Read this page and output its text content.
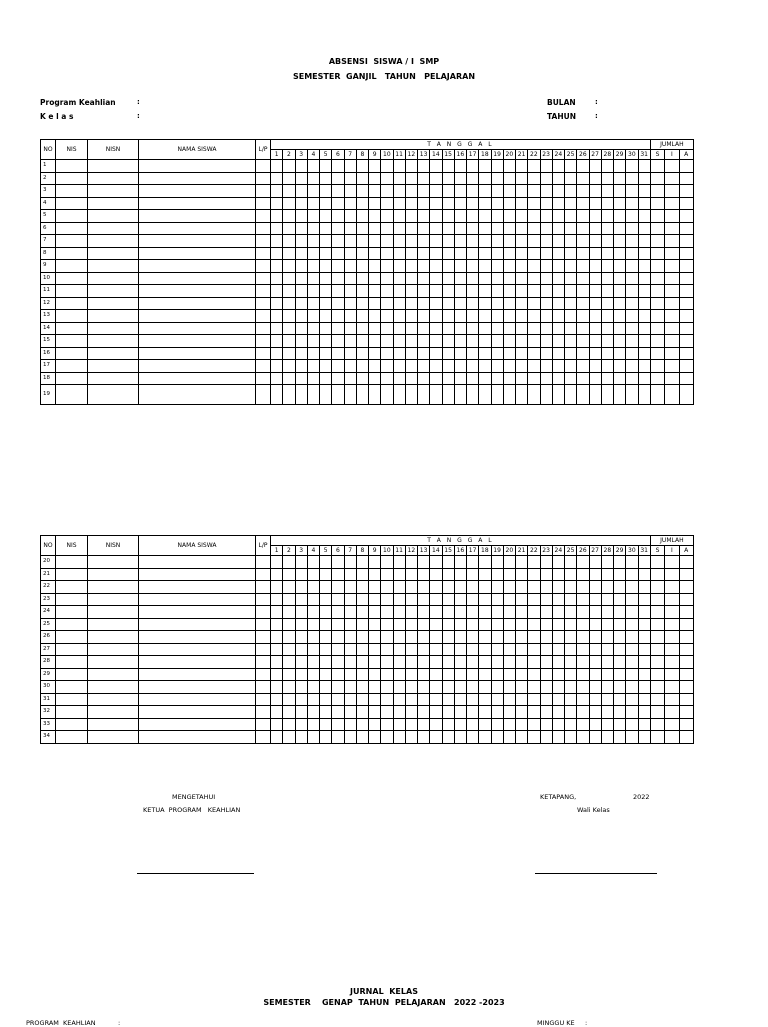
ABSENSI  SISWA / I  SMP
SEMESTER  GANJIL   TAHUN   PELAJARAN
Program Keahlian	:
K e l a s	:
BULAN	:
TAHUN	:
NO	NIS	NISN	NAMA SISWA	L/P	T A N G G A L																															JUMLAH		
					1	2	3	4	5	6	7	8	9	10	11	12	13	14	15	16	17	18	19	20	21	22	23	24	25	26	27	28	29	30	31	S	I	A
1																																						
2																																						
3																																						
4																																						
5																																						
6																																						
7																																						
8																																						
9																																						
10																																						
11																																						
12																																						
13																																						
14																																						
15																																						
16																																						
17																																						
18																																						
19																																						
NO	NIS	NISN	NAMA SISWA	L/P	T A N G G A L																															JUMLAH		
					1	2	3	4	5	6	7	8	9	10	11	12	13	14	15	16	17	18	19	20	21	22	23	24	25	26	27	28	29	30	31	S	I	A
20																																						
21																																						
22																																						
23																																						
24																																						
25																																						
26																																						
27																																						
28																																						
29																																						
30																																						
31																																						
32																																						
33																																						
34																																						
MENGETAHUI
KETUA  PROGRAM   KEAHLIAN
KETAPANG,	2022
Wali Kelas
JURNAL  KELAS
SEMESTER    GENAP  TAHUN  PELAJARAN   2022 -2023
PROGRAM  KEAHLIAN	:	MINGGU KE :
